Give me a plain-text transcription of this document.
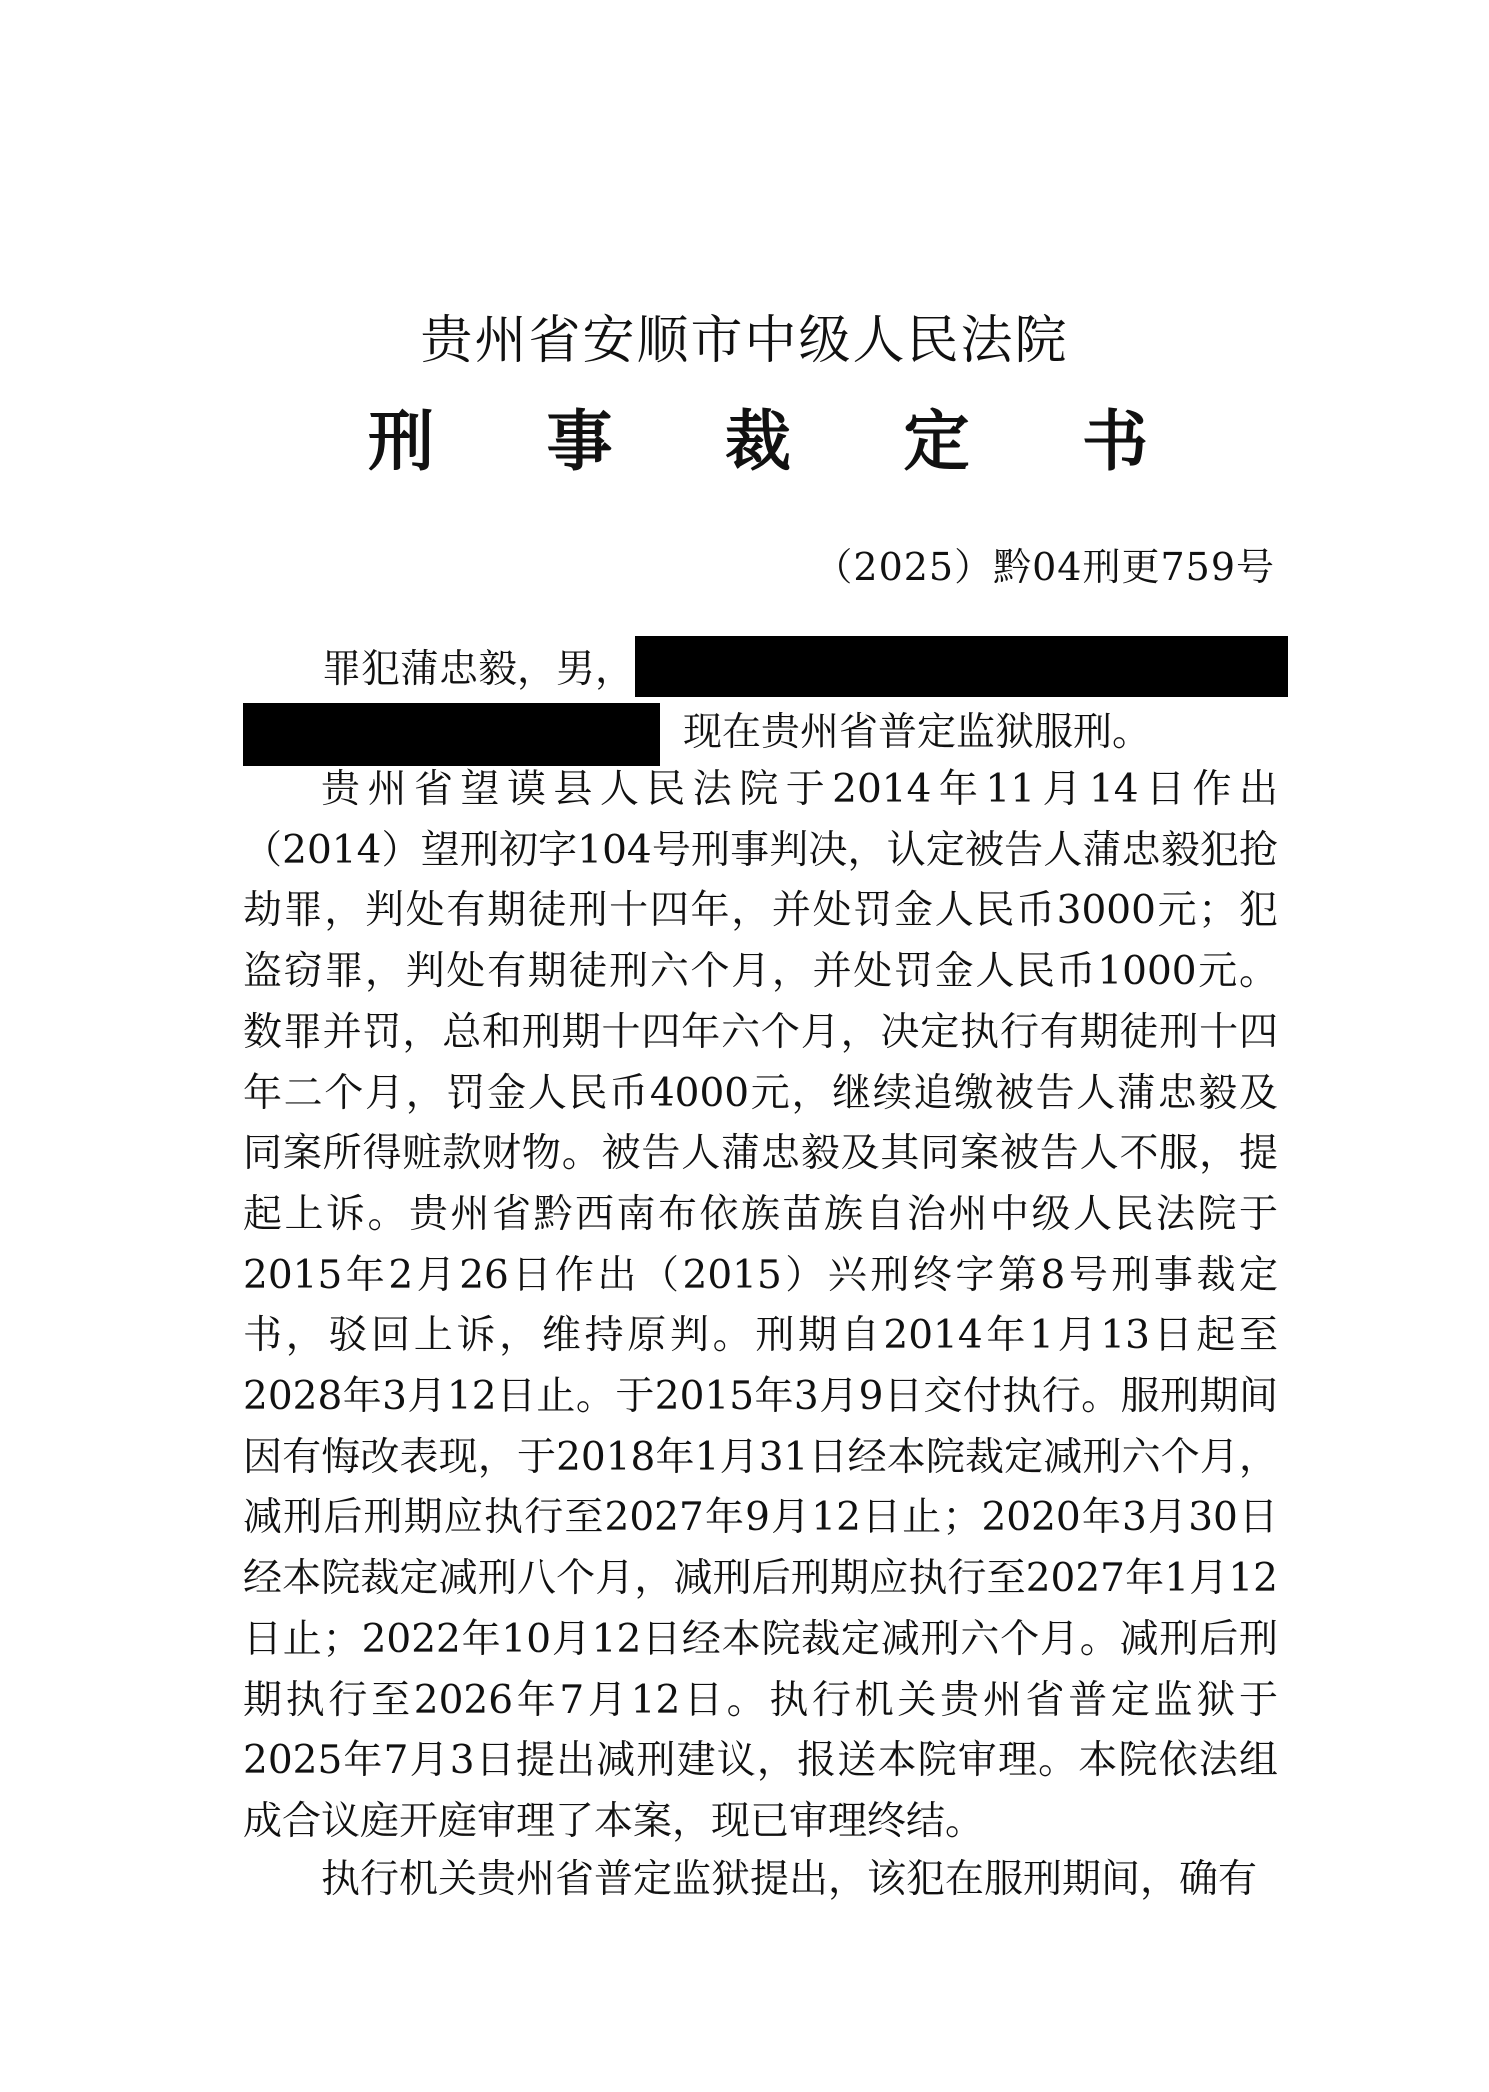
贵州省安顺市中级人民法院
刑 事 裁 定 书
（2025）黔04刑更759号
罪犯蒲忠毅，男，
现在贵州省普定监狱服刑。

贵州省望谟县人民法院于2014年11月14日作出（2014）望刑初字104号刑事判决，认定被告人蒲忠毅犯抢劫罪，判处有期徒刑十四年，并处罚金人民币3000元；犯盗窃罪，判处有期徒刑六个月，并处罚金人民币1000元。数罪并罚，总和刑期十四年六个月，决定执行有期徒刑十四年二个月，罚金人民币4000元，继续追缴被告人蒲忠毅及同案所得赃款财物。被告人蒲忠毅及其同案被告人不服，提起上诉。贵州省黔西南布依族苗族自治州中级人民法院于2015年2月26日作出（2015）兴刑终字第8号刑事裁定书，驳回上诉，维持原判。刑期自2014年1月13日起至2028年3月12日止。于2015年3月9日交付执行。服刑期间因有悔改表现，于2018年1月31日经本院裁定减刑六个月，减刑后刑期应执行至2027年9月12日止；2020年3月30日经本院裁定减刑八个月，减刑后刑期应执行至2027年1月12日止；2022年10月12日经本院裁定减刑六个月。减刑后刑期执行至2026年7月12日。执行机关贵州省普定监狱于2025年7月3日提出减刑建议，报送本院审理。本院依法组成合议庭开庭审理了本案，现已审理终结。

执行机关贵州省普定监狱提出，该犯在服刑期间，确有
